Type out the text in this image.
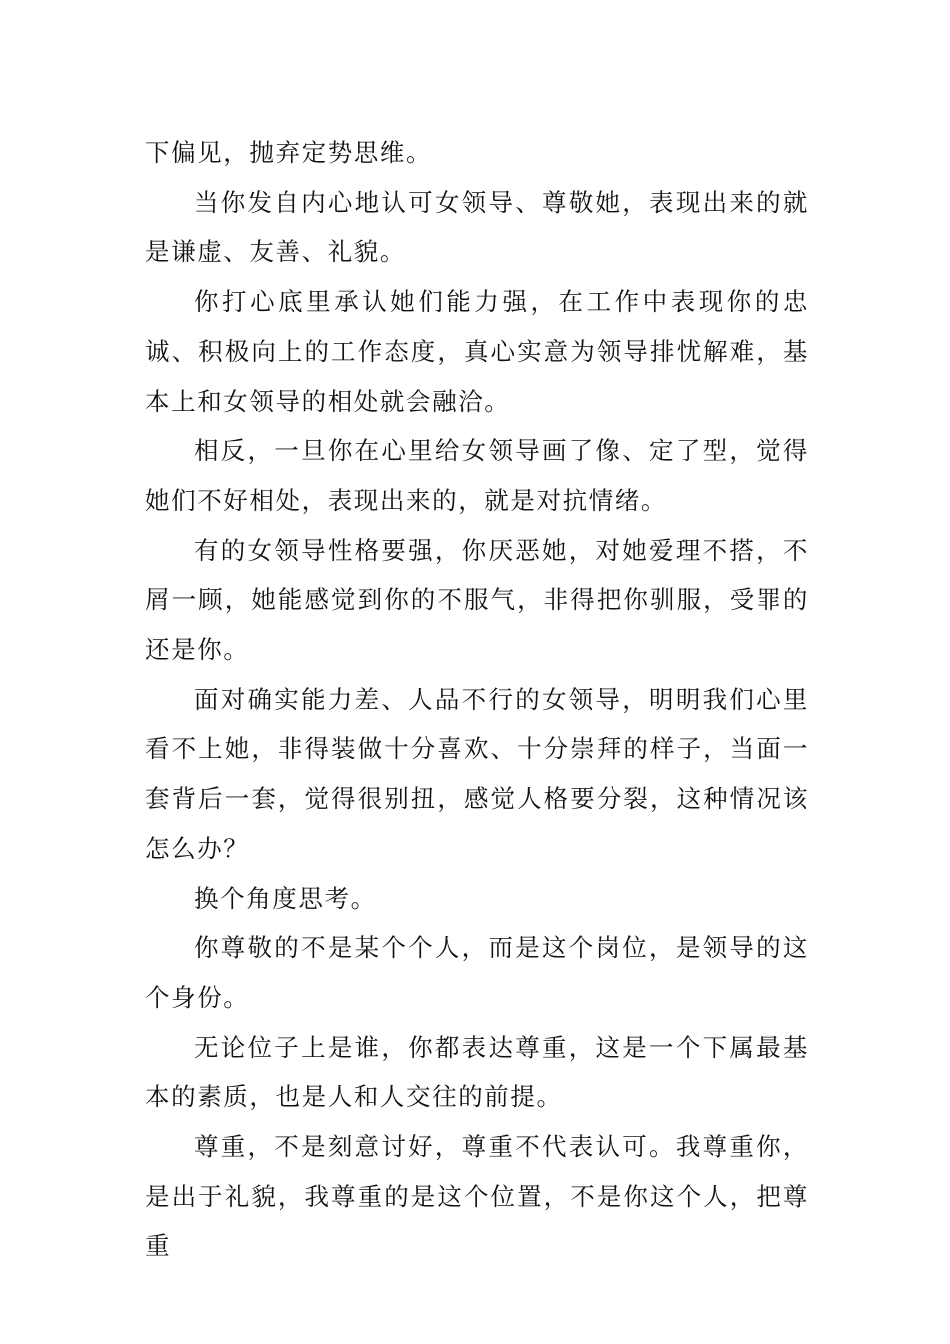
下偏见，抛弃定势思维。

当你发自内心地认可女领导、尊敬她，表现出来的就是谦虚、友善、礼貌。

你打心底里承认她们能力强，在工作中表现你的忠诚、积极向上的工作态度，真心实意为领导排忧解难，基本上和女领导的相处就会融洽。

相反，一旦你在心里给女领导画了像、定了型，觉得她们不好相处，表现出来的，就是对抗情绪。

有的女领导性格要强，你厌恶她，对她爱理不搭，不屑一顾，她能感觉到你的不服气，非得把你驯服，受罪的还是你。

面对确实能力差、人品不行的女领导，明明我们心里看不上她，非得装做十分喜欢、十分崇拜的样子，当面一套背后一套，觉得很别扭，感觉人格要分裂，这种情况该怎么办？

换个角度思考。

你尊敬的不是某个个人，而是这个岗位，是领导的这个身份。

无论位子上是谁，你都表达尊重，这是一个下属最基本的素质，也是人和人交往的前提。

尊重，不是刻意讨好，尊重不代表认可。我尊重你，是出于礼貌，我尊重的是这个位置，不是你这个人，把尊重
